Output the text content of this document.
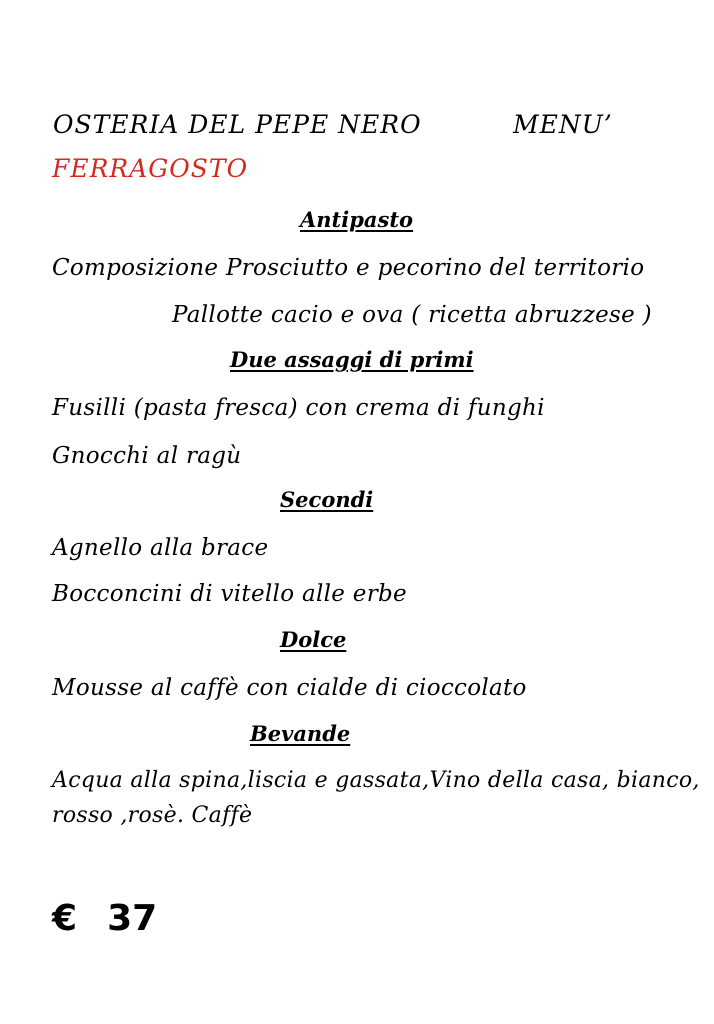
OSTERIA DEL PEPE NERO	MENU’
FERRAGOSTO
Antipasto
Composizione Prosciutto e pecorino del territorio
Pallotte cacio e ova ( ricetta abruzzese )
Due assaggi di primi
Fusilli (pasta fresca) con crema di funghi
Gnocchi al ragù
Secondi
Agnello alla brace
Bocconcini di vitello alle erbe
Dolce
Mousse al caffè con cialde di cioccolato
Bevande
Acqua alla spina,liscia e gassata,Vino della casa, bianco,
rosso ,rosè. Caffè
€ 37
